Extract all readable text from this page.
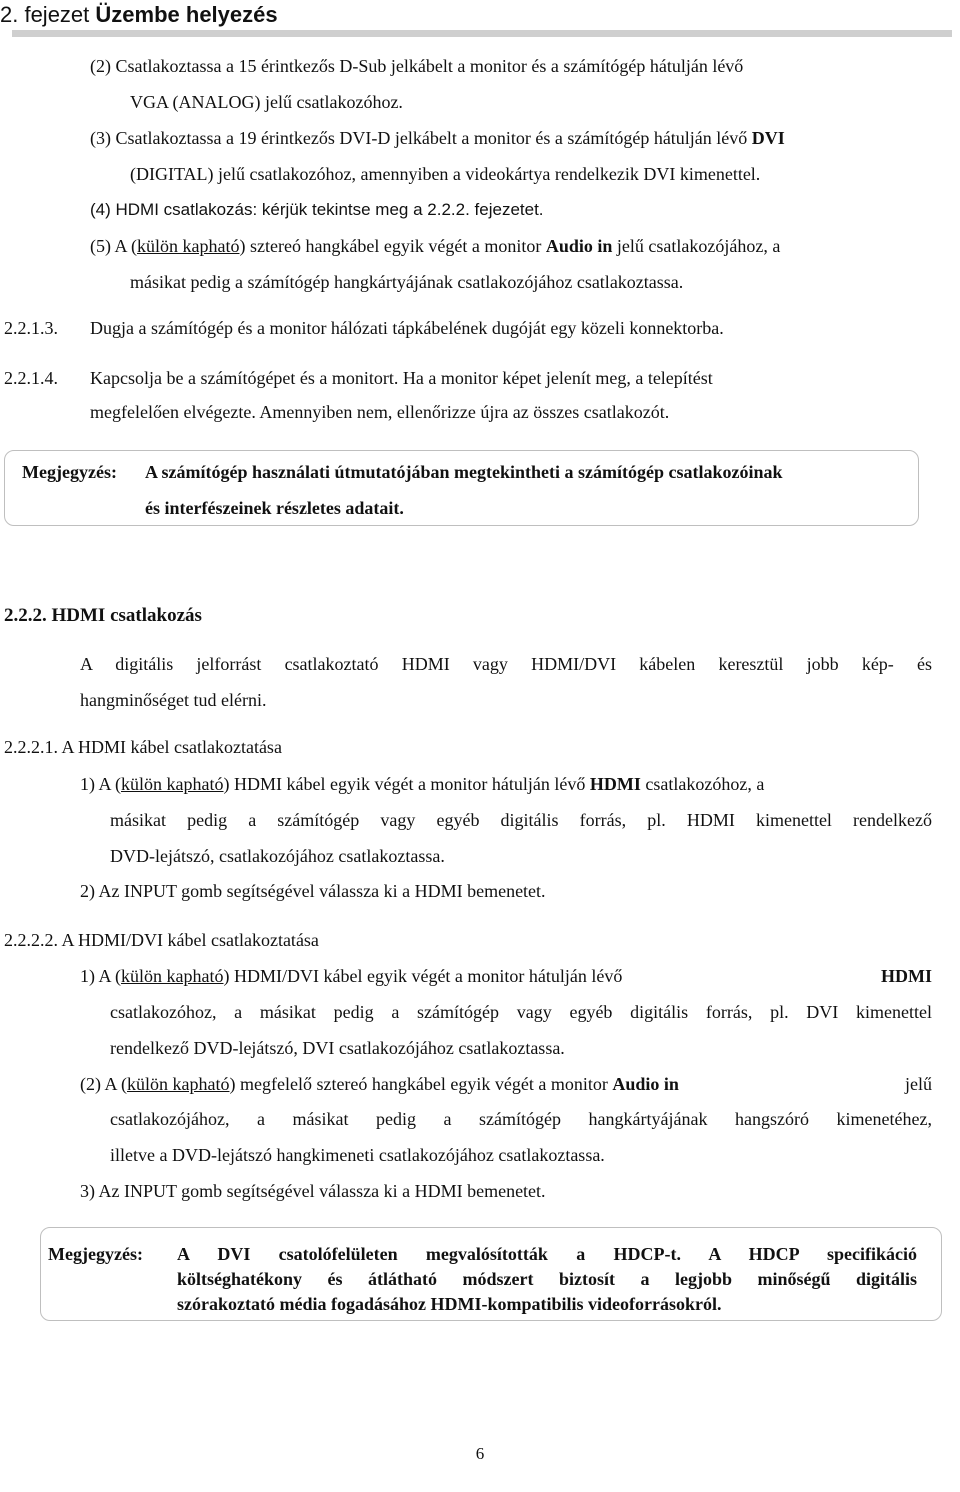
2. fejezet Üzembe helyezés
(2) Csatlakoztassa a 15 érintkezős D-Sub jelkábelt a monitor és a számítógép hátulján lévő
VGA (ANALOG) jelű csatlakozóhoz.
(3) Csatlakoztassa a 19 érintkezős DVI-D jelkábelt a monitor és a számítógép hátulján lévő DVI
(DIGITAL) jelű csatlakozóhoz, amennyiben a videokártya rendelkezik DVI kimenettel.
(4) HDMI csatlakozás: kérjük tekintse meg a 2.2.2. fejezetet.
(5) A (külön kapható) sztereó hangkábel egyik végét a monitor Audio in jelű csatlakozójához, a
másikat pedig a számítógép hangkártyájának csatlakozójához csatlakoztassa.
2.2.1.3. Dugja a számítógép és a monitor hálózati tápkábelének dugóját egy közeli konnektorba.
2.2.1.4. Kapcsolja be a számítógépet és a monitort. Ha a monitor képet jelenít meg, a telepítést
megfelelően elvégezte. Amennyiben nem, ellenőrizze újra az összes csatlakozót.
Megjegyzés: A számítógép használati útmutatójában megtekintheti a számítógép csatlakozóinak
és interfészeinek részletes adatait.
2.2.2. HDMI csatlakozás
A digitális jelforrást csatlakoztató HDMI vagy HDMI/DVI kábelen keresztül jobb kép- és
hangminőséget tud elérni.
2.2.2.1. A HDMI kábel csatlakoztatása
1) A (külön kapható) HDMI kábel egyik végét a monitor hátulján lévő HDMI csatlakozóhoz, a
másikat pedig a számítógép vagy egyéb digitális forrás, pl. HDMI kimenettel rendelkező
DVD-lejátszó, csatlakozójához csatlakoztassa.
2) Az INPUT gomb segítségével válassza ki a HDMI bemenetet.
2.2.2.2. A HDMI/DVI kábel csatlakoztatása
1) A (külön kapható) HDMI/DVI kábel egyik végét a monitor hátulján lévő	HDMI
csatlakozóhoz, a másikat pedig a számítógép vagy egyéb digitális forrás, pl. DVI kimenettel
rendelkező DVD-lejátszó, DVI csatlakozójához csatlakoztassa.
(2) A (külön kapható) megfelelő sztereó hangkábel egyik végét a monitor Audio in	jelű
csatlakozójához, a másikat pedig a számítógép hangkártyájának hangszóró kimenetéhez,
illetve a DVD-lejátszó hangkimeneti csatlakozójához csatlakoztassa.
3) Az INPUT gomb segítségével válassza ki a HDMI bemenetet.
Megjegyzés: A DVI csatolófelületen megvalósították a HDCP-t. A HDCP specifikáció
költséghatékony és átlátható módszert biztosít a legjobb minőségű digitális
szórakoztató média fogadásához HDMI-kompatibilis videoforrásokról.
6
